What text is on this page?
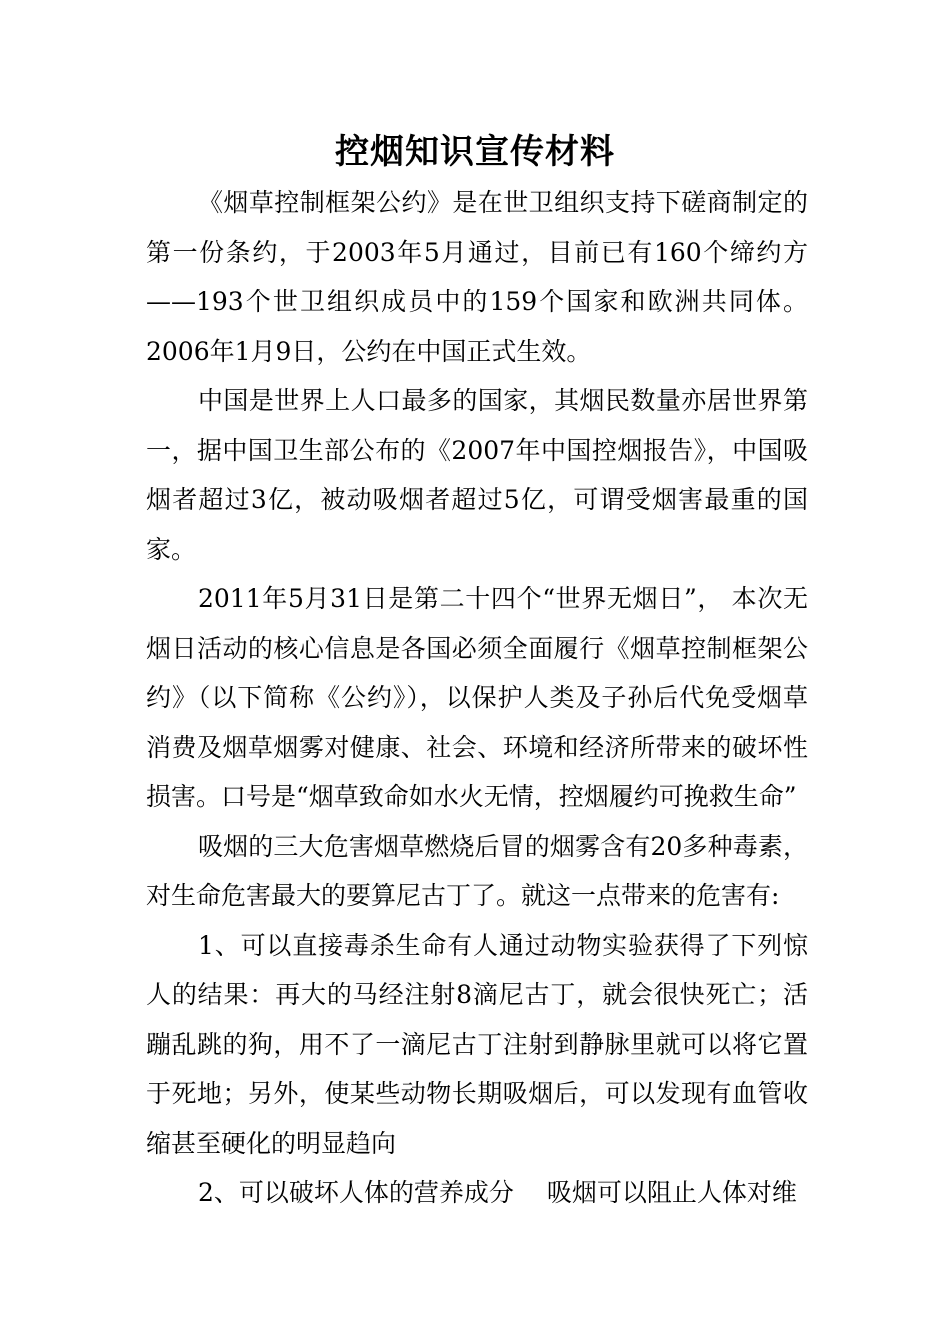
控烟知识宣传材料

《烟草控制框架公约》是在世卫组织支持下磋商制定的第一份条约，于2003年5月通过，目前已有160个缔约方——193个世卫组织成员中的159个国家和欧洲共同体。2006年1月9日，公约在中国正式生效。

中国是世界上人口最多的国家，其烟民数量亦居世界第一，据中国卫生部公布的《2007年中国控烟报告》，中国吸烟者超过3亿，被动吸烟者超过5亿，可谓受烟害最重的国家。

2011年5月31日是第二十四个“世界无烟日”， 本次无烟日活动的核心信息是各国必须全面履行《烟草控制框架公约》（以下简称《公约》），以保护人类及子孙后代免受烟草消费及烟草烟雾对健康、社会、环境和经济所带来的破坏性损害。口号是“烟草致命如水火无情，控烟履约可挽救生命”

吸烟的三大危害烟草燃烧后冒的烟雾含有20多种毒素，对生命危害最大的要算尼古丁了。就这一点带来的危害有:

1、可以直接毒杀生命有人通过动物实验获得了下列惊人的结果：再大的马经注射8滴尼古丁，就会很快死亡；活蹦乱跳的狗，用不了一滴尼古丁注射到静脉里就可以将它置于死地；另外，使某些动物长期吸烟后，可以发现有血管收缩甚至硬化的明显趋向

2、可以破坏人体的营养成分　 吸烟可以阻止人体对维
